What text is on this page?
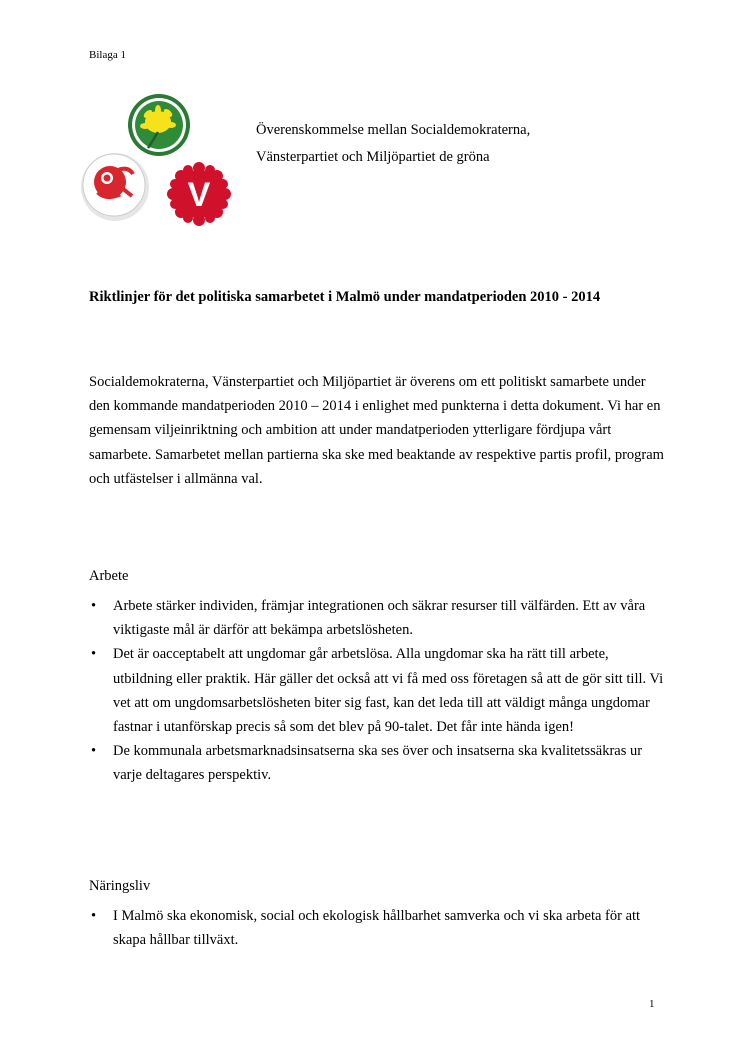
Bilaga 1
V
Överenskommelse mellan Socialdemokraterna,
Vänsterpartiet och Miljöpartiet de gröna
Riktlinjer för det politiska samarbetet i Malmö under mandatperioden 2010 - 2014
Socialdemokraterna, Vänsterpartiet och Miljöpartiet är överens om ett politiskt samarbete under den kommande mandatperioden 2010 – 2014 i enlighet med punkterna i detta dokument. Vi har en gemensam viljeinriktning och ambition att under mandatperioden ytterligare fördjupa vårt samarbete. Samarbetet mellan partierna ska ske med beaktande av respektive partis profil, program och utfästelser i allmänna val.
Arbete
• Arbete stärker individen, främjar integrationen och säkrar resurser till välfärden. Ett av våra viktigaste mål är därför att bekämpa arbetslösheten.
• Det är oacceptabelt att ungdomar går arbetslösa. Alla ungdomar ska ha rätt till arbete, utbildning eller praktik. Här gäller det också att vi få med oss företagen så att de gör sitt till. Vi vet att om ungdomsarbetslösheten biter sig fast, kan det leda till att väldigt många ungdomar fastnar i utanförskap precis så som det blev på 90-talet. Det får inte hända igen!
• De kommunala arbetsmarknadsinsatserna ska ses över och insatserna ska kvalitetssäkras ur varje deltagares perspektiv.
Näringsliv
• I Malmö ska ekonomisk, social och ekologisk hållbarhet samverka och vi ska arbeta för att skapa hållbar tillväxt.
1
